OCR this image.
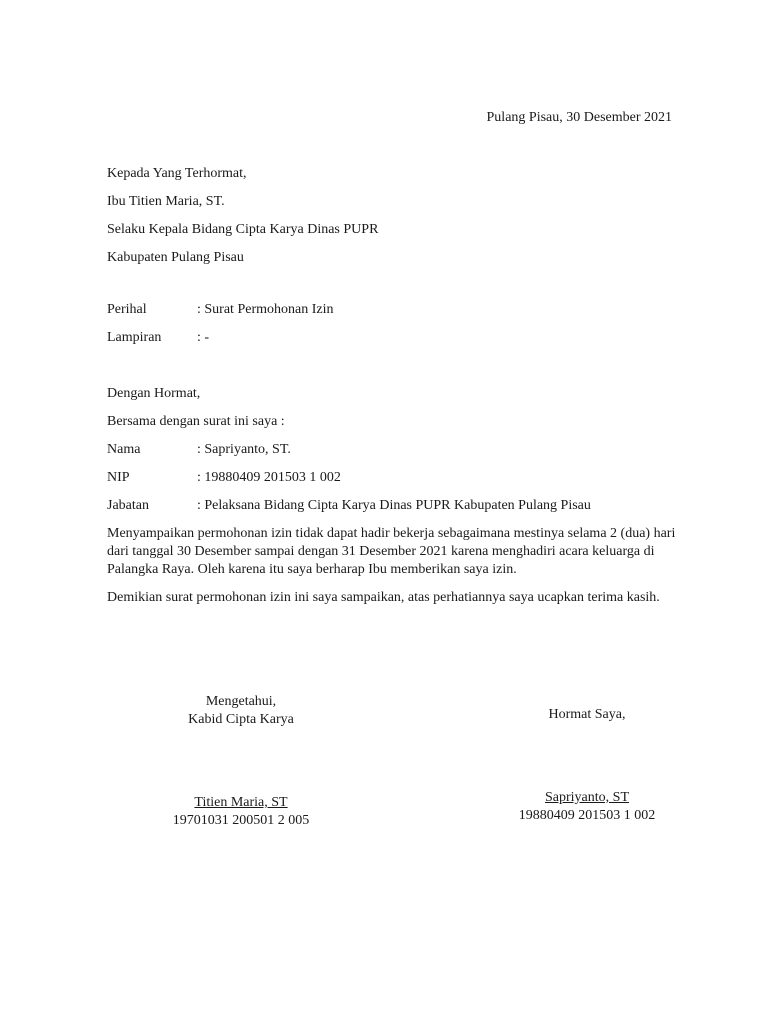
Pulang Pisau, 30 Desember 2021
Kepada Yang Terhormat,
Ibu Titien Maria, ST.
Selaku Kepala Bidang Cipta Karya Dinas PUPR
Kabupaten Pulang Pisau
Perihal	: Surat Permohonan Izin
Lampiran	: -
Dengan Hormat,
Bersama dengan surat ini saya :
Nama	: Sapriyanto, ST.
NIP	: 19880409 201503 1 002
Jabatan	: Pelaksana Bidang Cipta Karya Dinas PUPR Kabupaten Pulang Pisau
Menyampaikan permohonan izin tidak dapat hadir bekerja sebagaimana mestinya selama 2 (dua) hari dari tanggal 30 Desember sampai dengan 31 Desember 2021 karena menghadiri acara keluarga di Palangka Raya. Oleh karena itu saya berharap Ibu memberikan saya izin.
Demikian surat permohonan izin ini saya sampaikan, atas perhatiannya saya ucapkan terima kasih.
Mengetahui,
Kabid Cipta Karya
Titien Maria, ST
19701031 200501 2 005
Hormat Saya,
Sapriyanto, ST
19880409 201503 1 002
